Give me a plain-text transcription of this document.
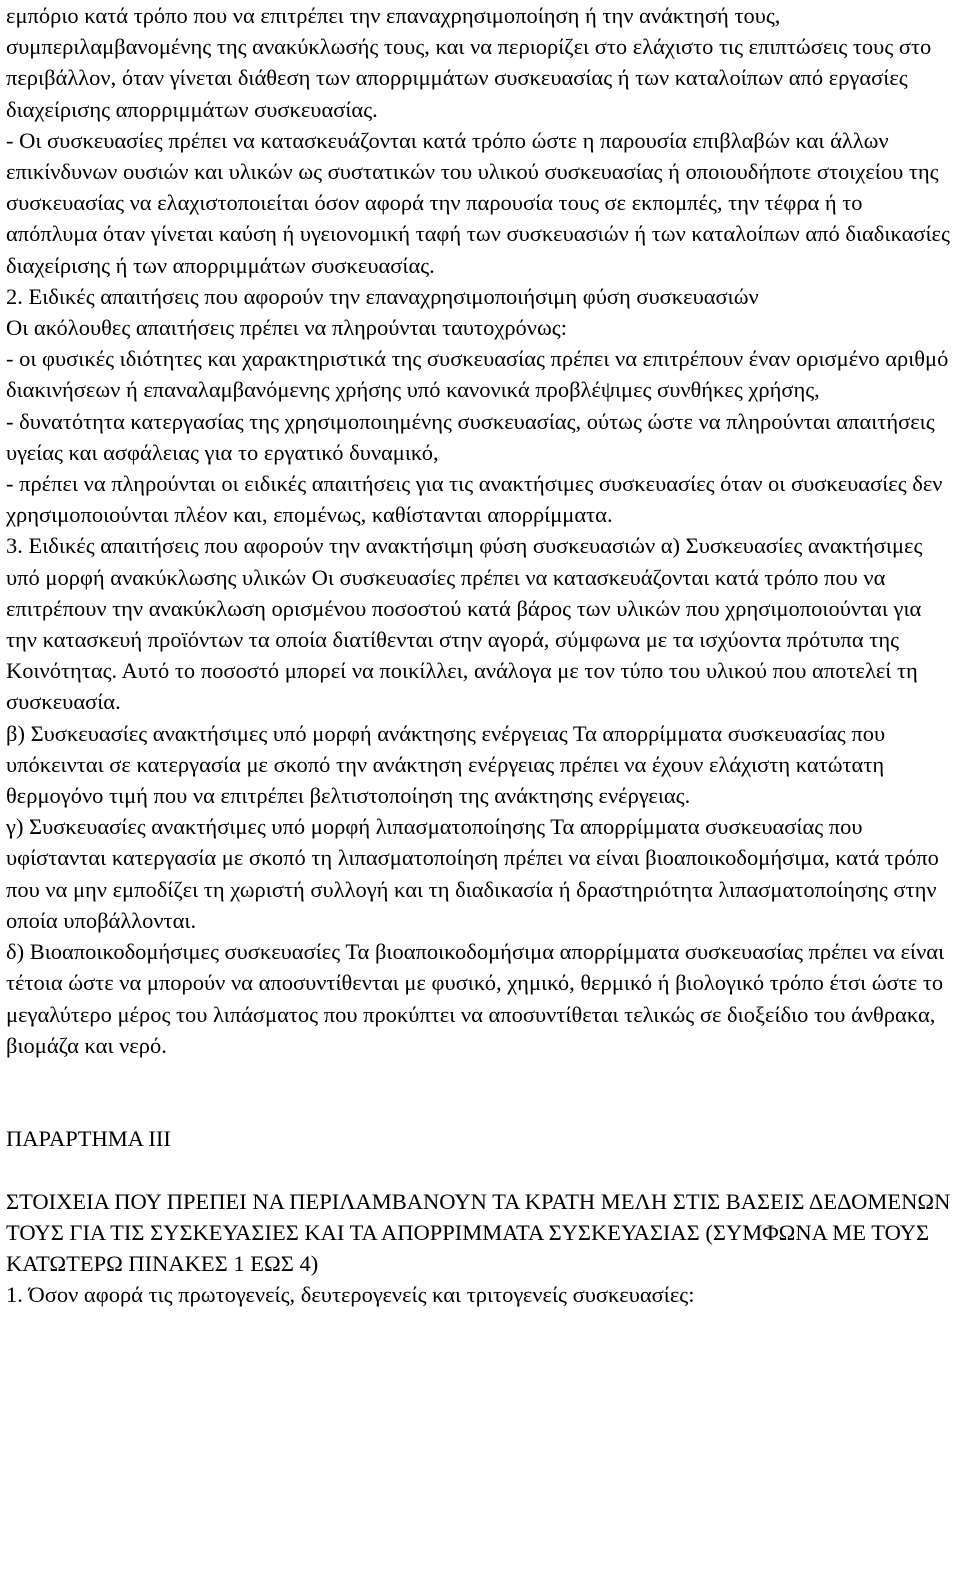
εμπόριο κατά τρόπο που να επιτρέπει την επαναχρησιμοποίηση ή την ανάκτησή τους, συμπεριλαμβανομένης της ανακύκλωσής τους, και να περιορίζει στο ελάχιστο τις επιπτώσεις τους στο περιβάλλον, όταν γίνεται διάθεση των απορριμμάτων συσκευασίας ή των καταλοίπων από εργασίες διαχείρισης απορριμμάτων συσκευασίας.

- Οι συσκευασίες πρέπει να κατασκευάζονται κατά τρόπο ώστε η παρουσία επιβλαβών και άλλων επικίνδυνων ουσιών και υλικών ως συστατικών του υλικού συσκευασίας ή οποιουδήποτε στοιχείου της συσκευασίας να ελαχιστοποιείται όσον αφορά την παρουσία τους σε εκπομπές, την τέφρα ή το απόπλυμα όταν γίνεται καύση ή υγειονομική ταφή των συσκευασιών ή των καταλοίπων από διαδικασίες διαχείρισης ή των απορριμμάτων συσκευασίας.

2. Ειδικές απαιτήσεις που αφορούν την επαναχρησιμοποιήσιμη φύση συσκευασιών

Οι ακόλουθες απαιτήσεις πρέπει να πληρούνται ταυτοχρόνως:

- οι φυσικές ιδιότητες και χαρακτηριστικά της συσκευασίας πρέπει να επιτρέπουν έναν ορισμένο αριθμό διακινήσεων ή επαναλαμβανόμενης χρήσης υπό κανονικά προβλέψιμες συνθήκες χρήσης,

- δυνατότητα κατεργασίας της χρησιμοποιημένης συσκευασίας, ούτως ώστε να πληρούνται απαιτήσεις υγείας και ασφάλειας για το εργατικό δυναμικό,

- πρέπει να πληρούνται οι ειδικές απαιτήσεις για τις ανακτήσιμες συσκευασίες όταν οι συσκευασίες δεν χρησιμοποιούνται πλέον και, επομένως, καθίστανται απορρίμματα.

3. Ειδικές απαιτήσεις που αφορούν την ανακτήσιμη φύση συσκευασιών α) Συσκευασίες ανακτήσιμες υπό μορφή ανακύκλωσης υλικών Οι συσκευασίες πρέπει να κατασκευάζονται κατά τρόπο που να επιτρέπουν την ανακύκλωση ορισμένου ποσοστού κατά βάρος των υλικών που χρησιμοποιούνται για την κατασκευή προϊόντων τα οποία διατίθενται στην αγορά, σύμφωνα με τα ισχύοντα πρότυπα της Κοινότητας. Αυτό το ποσοστό μπορεί να ποικίλλει, ανάλογα με τον τύπο του υλικού που αποτελεί τη συσκευασία.

β) Συσκευασίες ανακτήσιμες υπό μορφή ανάκτησης ενέργειας Τα απορρίμματα συσκευασίας που υπόκεινται σε κατεργασία με σκοπό την ανάκτηση ενέργειας πρέπει να έχουν ελάχιστη κατώτατη θερμογόνο τιμή που να επιτρέπει βελτιστοποίηση της ανάκτησης ενέργειας.

γ) Συσκευασίες ανακτήσιμες υπό μορφή λιπασματοποίησης Τα απορρίμματα συσκευασίας που υφίστανται κατεργασία με σκοπό τη λιπασματοποίηση πρέπει να είναι βιοαποικοδομήσιμα, κατά τρόπο που να μην εμποδίζει τη χωριστή συλλογή και τη διαδικασία ή δραστηριότητα λιπασματοποίησης στην οποία υποβάλλονται.

δ) Βιοαποικοδομήσιμες συσκευασίες Τα βιοαποικοδομήσιμα απορρίμματα συσκευασίας πρέπει να είναι τέτοια ώστε να μπορούν να αποσυντίθενται με φυσικό, χημικό, θερμικό ή βιολογικό τρόπο έτσι ώστε το μεγαλύτερο μέρος του λιπάσματος που προκύπτει να αποσυντίθεται τελικώς σε διοξείδιο του άνθρακα, βιομάζα και νερό.

ΠΑΡΑΡΤΗΜΑ ΙΙΙ

ΣΤΟΙΧΕΙΑ ΠΟΥ ΠΡΕΠΕΙ ΝΑ ΠΕΡΙΛΑΜΒΑΝΟΥΝ ΤΑ ΚΡΑΤΗ ΜΕΛΗ ΣΤΙΣ ΒΑΣΕΙΣ ΔΕΔΟΜΕΝΩΝ ΤΟΥΣ ΓΙΑ ΤΙΣ ΣΥΣΚΕΥΑΣΙΕΣ ΚΑΙ ΤΑ ΑΠΟΡΡΙΜΜΑΤΑ ΣΥΣΚΕΥΑΣΙΑΣ (ΣΥΜΦΩΝΑ ΜΕ ΤΟΥΣ ΚΑΤΩΤΕΡΩ ΠΙΝΑΚΕΣ 1 ΕΩΣ 4)

1. Όσον αφορά τις πρωτογενείς, δευτερογενείς και τριτογενείς συσκευασίες:
